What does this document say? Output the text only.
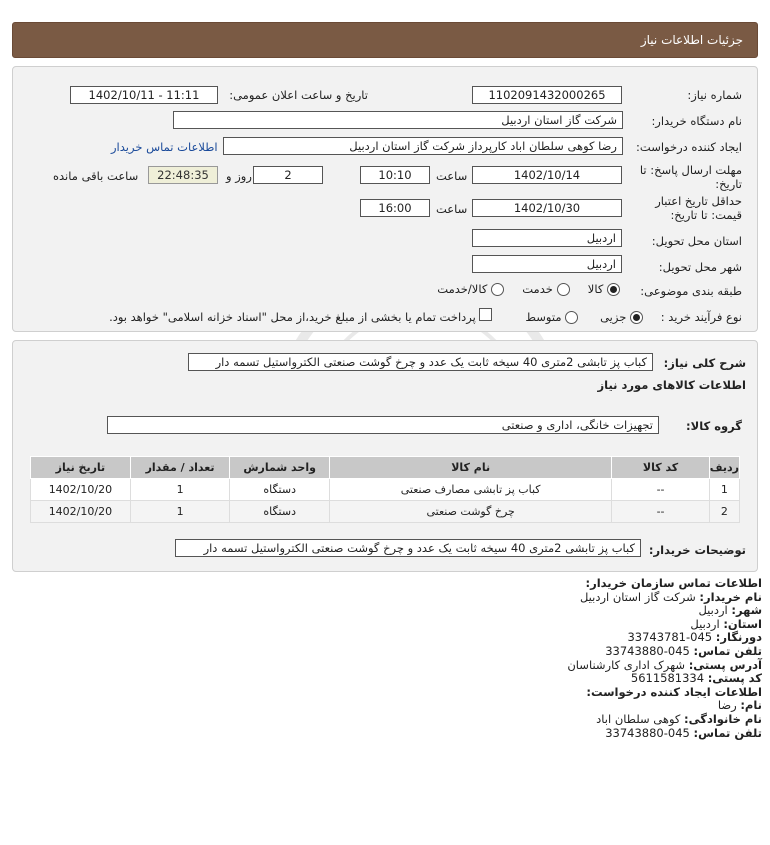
جزئیات اطلاعات نیاز
شماره نیاز:
1102091432000265
تاریخ و ساعت اعلان عمومی:
1402/10/11 - 11:11
نام دستگاه خریدار:
شرکت گاز استان اردبیل
ایجاد کننده درخواست:
رضا کوهی سلطان اباد کارپرداز شرکت گاز استان اردبیل
اطلاعات تماس خریدار
مهلت ارسال پاسخ: تا
تاریخ:
1402/10/14
ساعت
10:10
2
روز و
22:48:35
ساعت باقی مانده
حداقل تاریخ اعتبار
قیمت: تا تاریخ:
1402/10/30
ساعت
16:00
استان محل تحویل:
اردبیل
شهر محل تحویل:
اردبیل
طبقه بندی موضوعی:
کالا      خدمت      کالا/خدمت
نوع فرآیند خرید :
جزیی       متوسط          پرداخت تمام یا بخشی از مبلغ خرید،از محل "اسناد خزانه اسلامی" خواهد بود.
شرح کلی نیاز:
کباب پز تابشی 2متری 40 سیخه ثابت یک عدد و چرخ گوشت صنعتی الکترواستیل تسمه دار
اطلاعات کالاهای مورد نیاز
گروه کالا:
تجهیزات خانگی، اداری و صنعتی
ردیف	کد کالا	نام کالا	واحد شمارش	تعداد / مقدار	تاریخ نیاز
1	--	کباب پز تابشی مصارف صنعتی	دستگاه	1	1402/10/20
2	--	چرخ گوشت صنعتی	دستگاه	1	1402/10/20
توضیحات خریدار:
کباب پز تابشی 2متری 40 سیخه ثابت یک عدد و چرخ گوشت صنعتی الکترواستیل تسمه دار
اطلاعات تماس سازمان خریدار:
نام خریدار: شرکت گاز استان اردبیل
شهر: اردبیل
استان: اردبیل
دورنگار: 045-33743781
تلفن تماس: 045-33743880
آدرس پستی: شهرک اداری کارشناسان
کد پستی: 5611581334
اطلاعات ایجاد کننده درخواست:
نام: رضا
نام خانوادگی: کوهی سلطان اباد
تلفن تماس: 045-33743880
